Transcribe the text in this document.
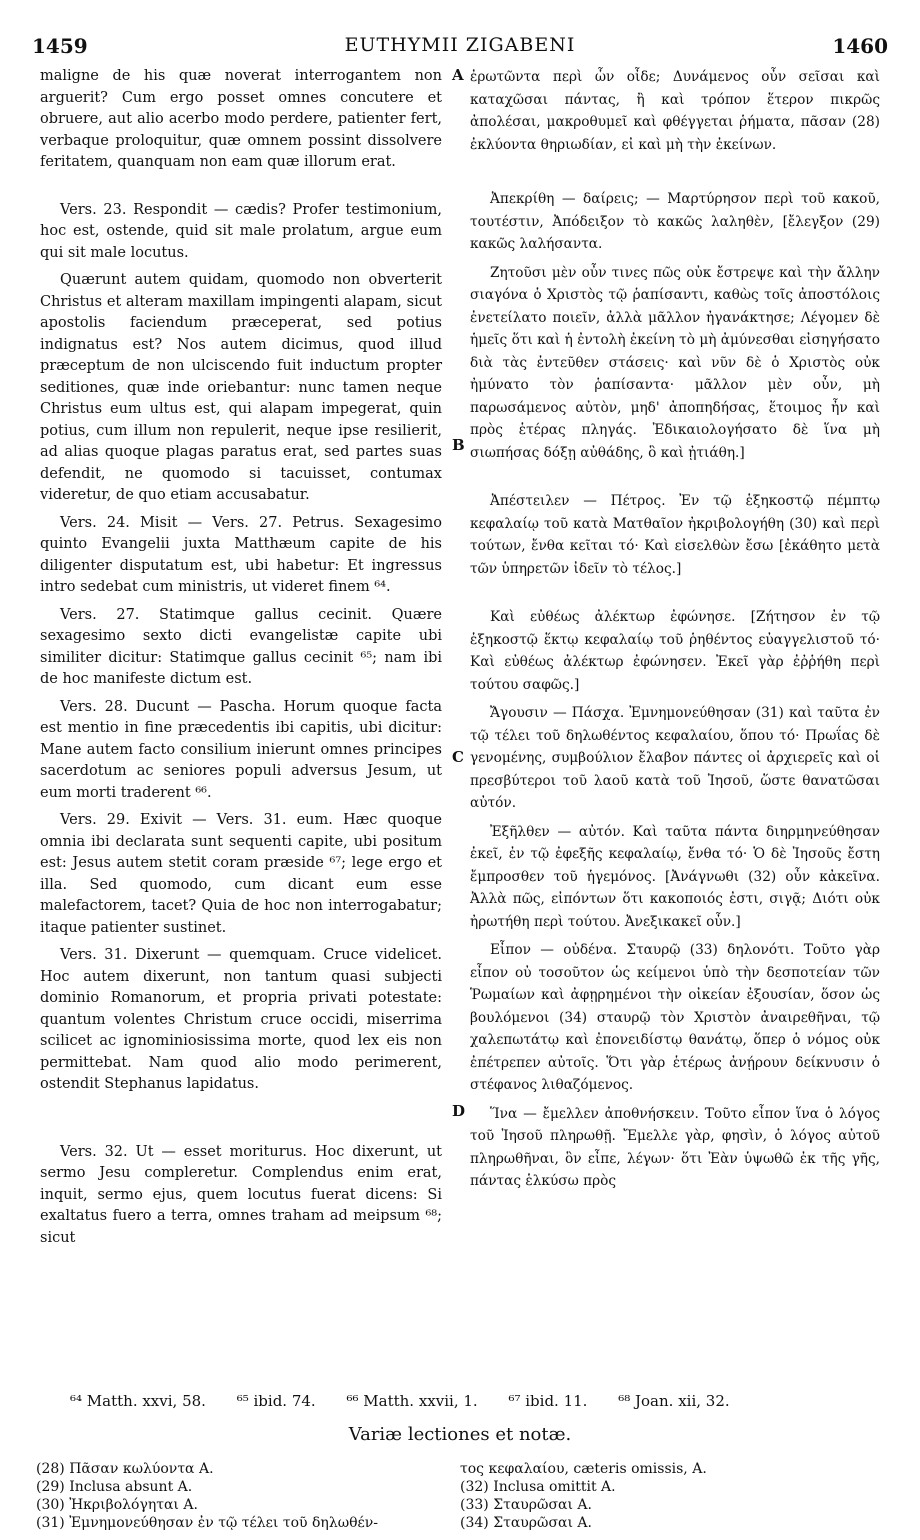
1459	EUTHYMII ZIGABENI	1460

maligne de his quæ noverat interrogantem non arguerit? Cum ergo posset omnes concutere et obruere, aut alio acerbo modo perdere, patienter fert, verbaque proloquitur, quæ omnem possint dissolvere feritatem, quanquam non eam quæ illorum erat.

Vers. 23. Respondit — cædis? Profer testimonium, hoc est, ostende, quid sit male prolatum, argue eum qui sit male locutus.

Quærunt autem quidam, quomodo non obverterit Christus et alteram maxillam impingenti alapam, sicut apostolis faciendum præceperat, sed potius indignatus est? Nos autem dicimus, quod illud præceptum de non ulciscendo fuit inductum propter seditiones, quæ inde oriebantur: nunc tamen neque Christus eum ultus est, qui alapam impegerat, quin potius, cum illum non repulerit, neque ipse resilierit, ad alias quoque plagas paratus erat, sed partes suas defendit, ne quomodo si tacuisset, contumax videretur, de quo etiam accusabatur.

Vers. 24. Misit — Vers. 27. Petrus. Sexagesimo quinto Evangelii juxta Matthæum capite de his diligenter disputatum est, ubi habetur: Et ingressus intro sedebat cum ministris, ut videret finem ⁶⁴.

Vers. 27. Statimque gallus cecinit. Quære sexagesimo sexto dicti evangelistæ capite ubi similiter dicitur: Statimque gallus cecinit ⁶⁵; nam ibi de hoc manifeste dictum est.

Vers. 28. Ducunt — Pascha. Horum quoque facta est mentio in fine præcedentis ibi capitis, ubi dicitur: Mane autem facto consilium inierunt omnes principes sacerdotum ac seniores populi adversus Jesum, ut eum morti traderent ⁶⁶.

Vers. 29. Exivit — Vers. 31. eum. Hæc quoque omnia ibi declarata sunt sequenti capite, ubi positum est: Jesus autem stetit coram præside ⁶⁷; lege ergo et illa. Sed quomodo, cum dicant eum esse malefactorem, tacet? Quia de hoc non interrogabatur; itaque patienter sustinet.

Vers. 31. Dixerunt — quemquam. Cruce videlicet. Hoc autem dixerunt, non tantum quasi subjecti dominio Romanorum, et propria privati potestate: quantum volentes Christum cruce occidi, miserrima scilicet ac ignominiosissima morte, quod lex eis non permittebat. Nam quod alio modo perimerent, ostendit Stephanus lapidatus.

Vers. 32. Ut — esset moriturus. Hoc dixerunt, ut sermo Jesu compleretur. Complendus enim erat, inquit, sermo ejus, quem locutus fuerat dicens: Si exaltatus fuero a terra, omnes traham ad meipsum ⁶⁸; sicut

A
B
C
D

ἐρωτῶντα περὶ ὧν οἶδε; Δυνάμενος οὖν σεῖσαι καὶ καταχῶσαι πάντας, ἢ καὶ τρόπον ἕτερον πικρῶς ἀπολέσαι, μακροθυμεῖ καὶ φθέγγεται ῥήματα, πᾶσαν (28) ἐκλύοντα θηριωδίαν, εἰ καὶ μὴ τὴν ἐκείνων.

Ἀπεκρίθη — δαίρεις; — Μαρτύρησον περὶ τοῦ κακοῦ, τουτέστιν, Ἀπόδειξον τὸ κακῶς λαληθὲν, [ἔλεγξον (29) κακῶς λαλήσαντα.

Ζητοῦσι μὲν οὖν τινες πῶς οὐκ ἔστρεψε καὶ τὴν ἄλλην σιαγόνα ὁ Χριστὸς τῷ ῥαπίσαντι, καθὼς τοῖς ἀποστόλοις ἐνετείλατο ποιεῖν, ἀλλὰ μᾶλλον ἠγανάκτησε; Λέγομεν δὲ ἡμεῖς ὅτι καὶ ἡ ἐντολὴ ἐκείνη τὸ μὴ ἀμύνεσθαι εἰσηγήσατο διὰ τὰς ἐντεῦθεν στάσεις· καὶ νῦν δὲ ὁ Χριστὸς οὐκ ἠμύνατο τὸν ῥαπίσαντα· μᾶλλον μὲν οὖν, μὴ παρωσάμενος αὐτὸν, μηδ' ἀποπηδήσας, ἕτοιμος ἦν καὶ πρὸς ἑτέρας πληγάς. Ἐδικαιολογήσατο δὲ ἵνα μὴ σιωπήσας δόξῃ αὐθάδης, ὃ καὶ ᾐτιάθη.]

Ἀπέστειλεν — Πέτρος. Ἐν τῷ ἑξηκοστῷ πέμπτῳ κεφαλαίῳ τοῦ κατὰ Ματθαῖον ἠκριβολογήθη (30) καὶ περὶ τούτων, ἔνθα κεῖται τό· Καὶ εἰσελθὼν ἔσω [ἐκάθητο μετὰ τῶν ὑπηρετῶν ἰδεῖν τὸ τέλος.]

Καὶ εὐθέως ἀλέκτωρ ἐφώνησε. [Ζήτησον ἐν τῷ ἑξηκοστῷ ἕκτῳ κεφαλαίῳ τοῦ ῥηθέντος εὐαγγελιστοῦ τό· Καὶ εὐθέως ἀλέκτωρ ἐφώνησεν. Ἐκεῖ γὰρ ἐῤῥήθη περὶ τούτου σαφῶς.]

Ἄγουσιν — Πάσχα. Ἐμνημονεύθησαν (31) καὶ ταῦτα ἐν τῷ τέλει τοῦ δηλωθέντος κεφαλαίου, ὅπου τό· Πρωΐας δὲ γενομένης, συμβούλιον ἔλαβον πάντες οἱ ἀρχιερεῖς καὶ οἱ πρεσβύτεροι τοῦ λαοῦ κατὰ τοῦ Ἰησοῦ, ὥστε θανατῶσαι αὐτόν.

Ἐξῆλθεν — αὐτόν. Καὶ ταῦτα πάντα διηρμηνεύθησαν ἐκεῖ, ἐν τῷ ἐφεξῆς κεφαλαίῳ, ἔνθα τό· Ὁ δὲ Ἰησοῦς ἔστη ἔμπροσθεν τοῦ ἡγεμόνος. [Ἀνάγνωθι (32) οὖν κἀκεῖνα. Ἀλλὰ πῶς, εἰπόντων ὅτι κακοποιός ἐστι, σιγᾷ; Διότι οὐκ ἠρωτήθη περὶ τούτου. Ἀνεξικακεῖ οὖν.]

Εἶπον — οὐδένα. Σταυρῷ (33) δηλονότι. Τοῦτο γὰρ εἶπον οὐ τοσοῦτον ὡς κείμενοι ὑπὸ τὴν δεσποτείαν τῶν Ῥωμαίων καὶ ἀφῃρημένοι τὴν οἰκείαν ἐξουσίαν, ὅσον ὡς βουλόμενοι (34) σταυρῷ τὸν Χριστὸν ἀναιρεθῆναι, τῷ χαλεπωτάτῳ καὶ ἐπονειδίστῳ θανάτῳ, ὅπερ ὁ νόμος οὐκ ἐπέτρεπεν αὐτοῖς. Ὅτι γὰρ ἑτέρως ἀνῄρουν δείκνυσιν ὁ στέφανος λιθαζόμενος.

Ἵνα — ἔμελλεν ἀποθνήσκειν. Τοῦτο εἶπον ἵνα ὁ λόγος τοῦ Ἰησοῦ πληρωθῇ. Ἔμελλε γὰρ, φησὶν, ὁ λόγος αὐτοῦ πληρωθῆναι, ὃν εἶπε, λέγων· ὅτι Ἐὰν ὑψωθῶ ἐκ τῆς γῆς, πάντας ἑλκύσω πρὸς

⁶⁴ Matth. xxvi, 58. ⁶⁵ ibid. 74. ⁶⁶ Matth. xxvii, 1. ⁶⁷ ibid. 11. ⁶⁸ Joan. xii, 32.
Variæ lectiones et notæ.
(28) Πᾶσαν κωλύοντα A.
(29) Inclusa absunt A.
(30) Ἠκριβολόγηται A.
(31) Ἐμνημονεύθησαν ἐν τῷ τέλει τοῦ δηλωθέν-
τος κεφαλαίου, cæteris omissis, A.
(32) Inclusa omittit A.
(33) Σταυρῶσαι A.
(34) Σταυρῶσαι A.
